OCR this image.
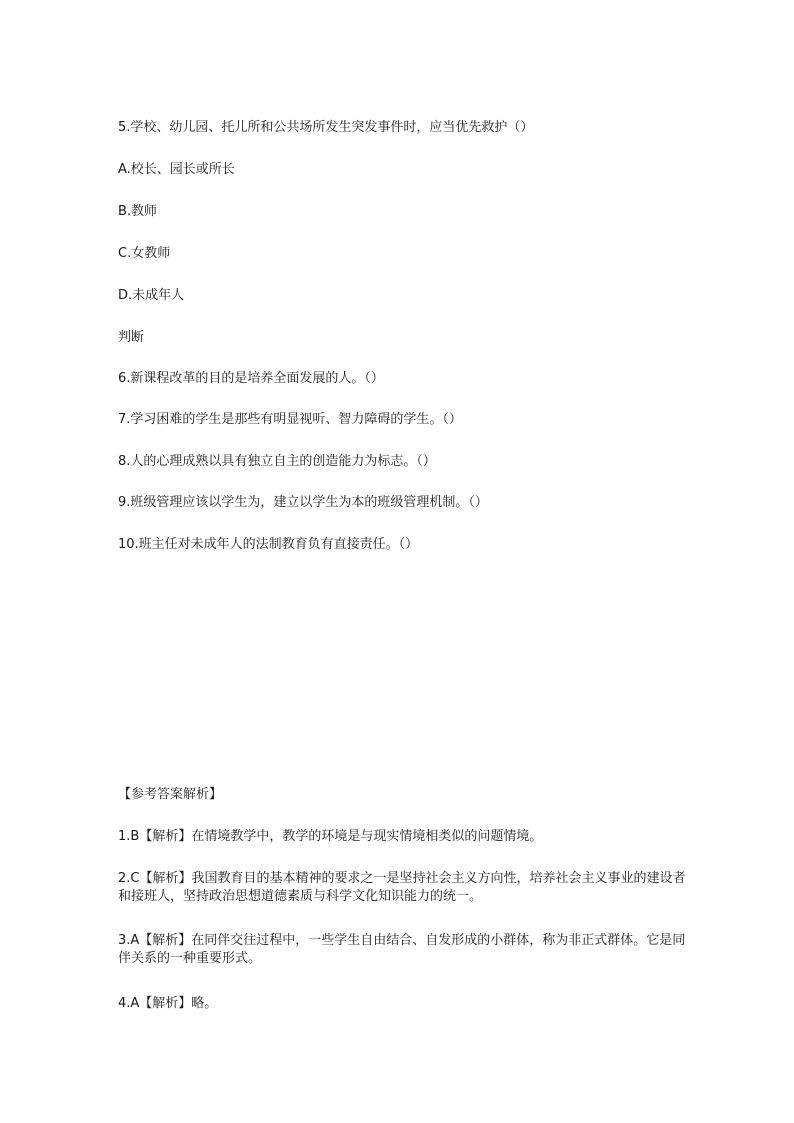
5.学校、幼儿园、托儿所和公共场所发生突发事件时，应当优先救护（）

A.校长、园长或所长

B.教师

C.女教师

D.未成年人

判断

6.新课程改革的目的是培养全面发展的人。（）

7.学习困难的学生是那些有明显视听、智力障碍的学生。（）

8.人的心理成熟以具有独立自主的创造能力为标志。（）

9.班级管理应该以学生为，建立以学生为本的班级管理机制。（）

10.班主任对未成年人的法制教育负有直接责任。（）

【参考答案解析】

1.B【解析】在情境教学中，教学的环境是与现实情境相类似的问题情境。

2.C【解析】我国教育目的基本精神的要求之一是坚持社会主义方向性，培养社会主义事业的建设者和接班人，坚持政治思想道德素质与科学文化知识能力的统一。

3.A【解析】在同伴交往过程中，一些学生自由结合、自发形成的小群体，称为非正式群体。它是同伴关系的一种重要形式。

4.A【解析】略。
